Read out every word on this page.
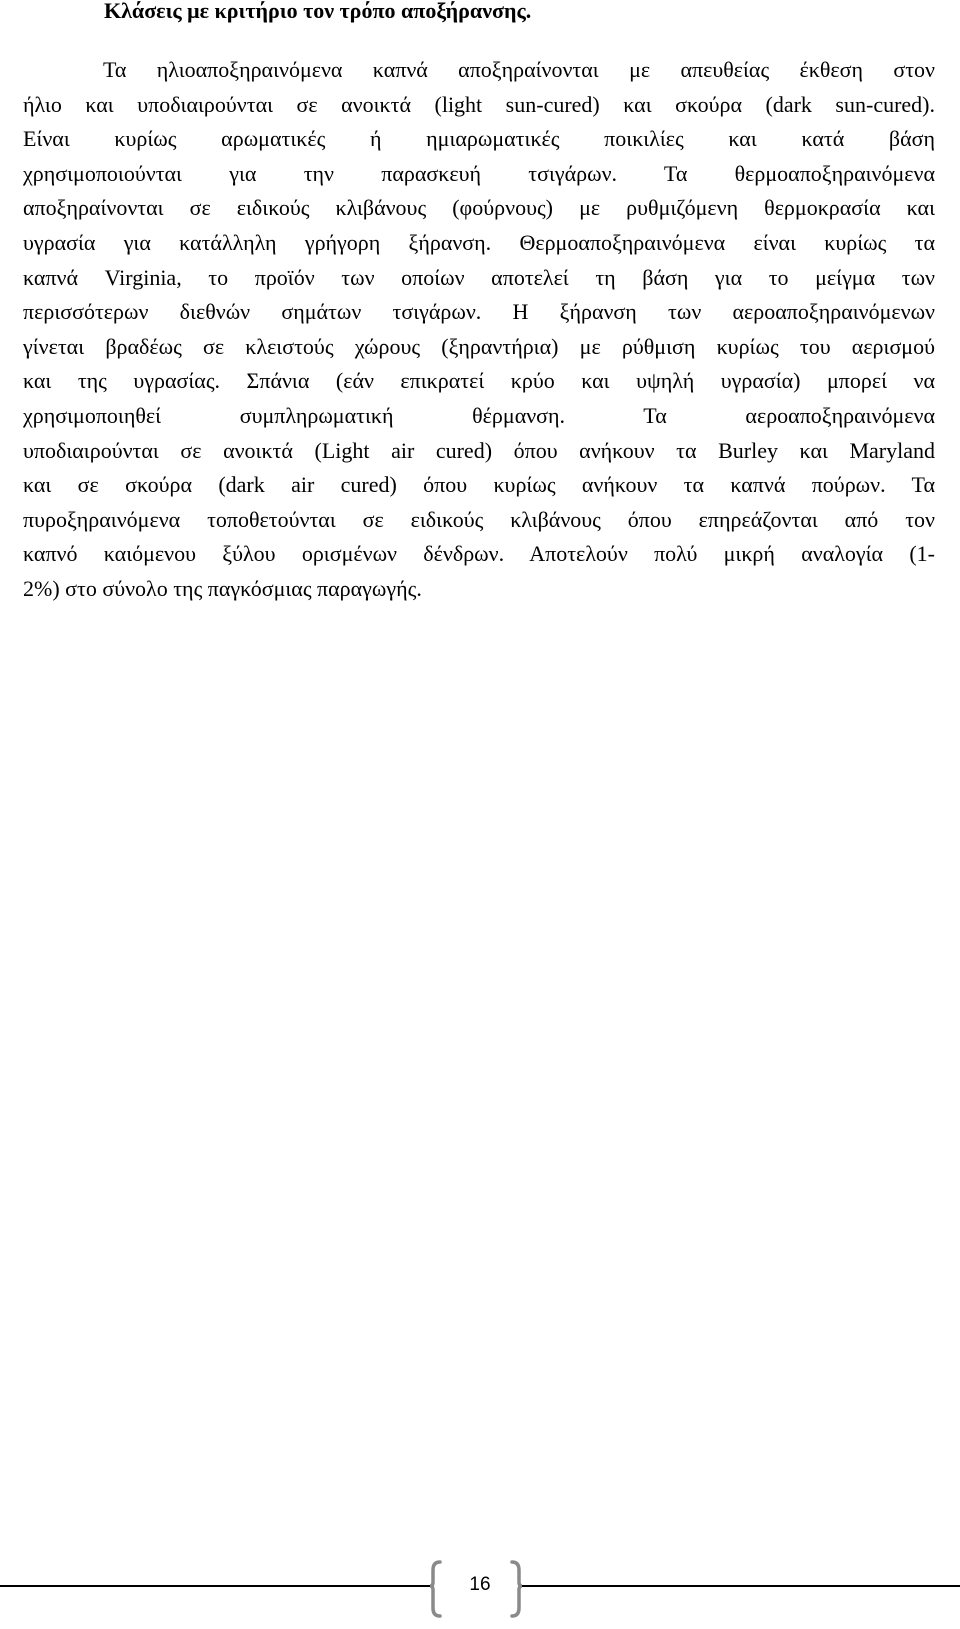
Κλάσεις με κριτήριο τον τρόπο αποξήρανσης.

Τα ηλιοαποξηραινόμενα καπνά αποξηραίνονται με απευθείας έκθεση στον
ήλιο και υποδιαιρούνται σε ανοικτά (light sun-cured) και σκούρα (dark sun-cured).
Είναι κυρίως αρωματικές ή ημιαρωματικές ποικιλίες και κατά βάση
χρησιμοποιούνται για την παρασκευή τσιγάρων. Τα θερμοαποξηραινόμενα
αποξηραίνονται σε ειδικούς κλιβάνους (φούρνους) με ρυθμιζόμενη θερμοκρασία και
υγρασία για κατάλληλη γρήγορη ξήρανση. Θερμοαποξηραινόμενα είναι κυρίως τα
καπνά Virginia, το προϊόν των οποίων αποτελεί τη βάση για το μείγμα των
περισσότερων διεθνών σημάτων τσιγάρων. Η ξήρανση των αεροαποξηραινόμενων
γίνεται βραδέως σε κλειστούς χώρους (ξηραντήρια) με ρύθμιση κυρίως του αερισμού
και της υγρασίας. Σπάνια (εάν επικρατεί κρύο και υψηλή υγρασία) μπορεί να
χρησιμοποιηθεί συμπληρωματική θέρμανση. Τα αεροαποξηραινόμενα
υποδιαιρούνται σε ανοικτά (Light air cured) όπου ανήκουν τα Burley και Maryland
και σε σκούρα (dark air cured) όπου κυρίως ανήκουν τα καπνά πούρων. Τα
πυροξηραινόμενα τοποθετούνται σε ειδικούς κλιβάνους όπου επηρεάζονται από τον
καπνό καιόμενου ξύλου ορισμένων δένδρων. Αποτελούν πολύ μικρή αναλογία (1-
2%) στο σύνολο της παγκόσμιας παραγωγής.

16
